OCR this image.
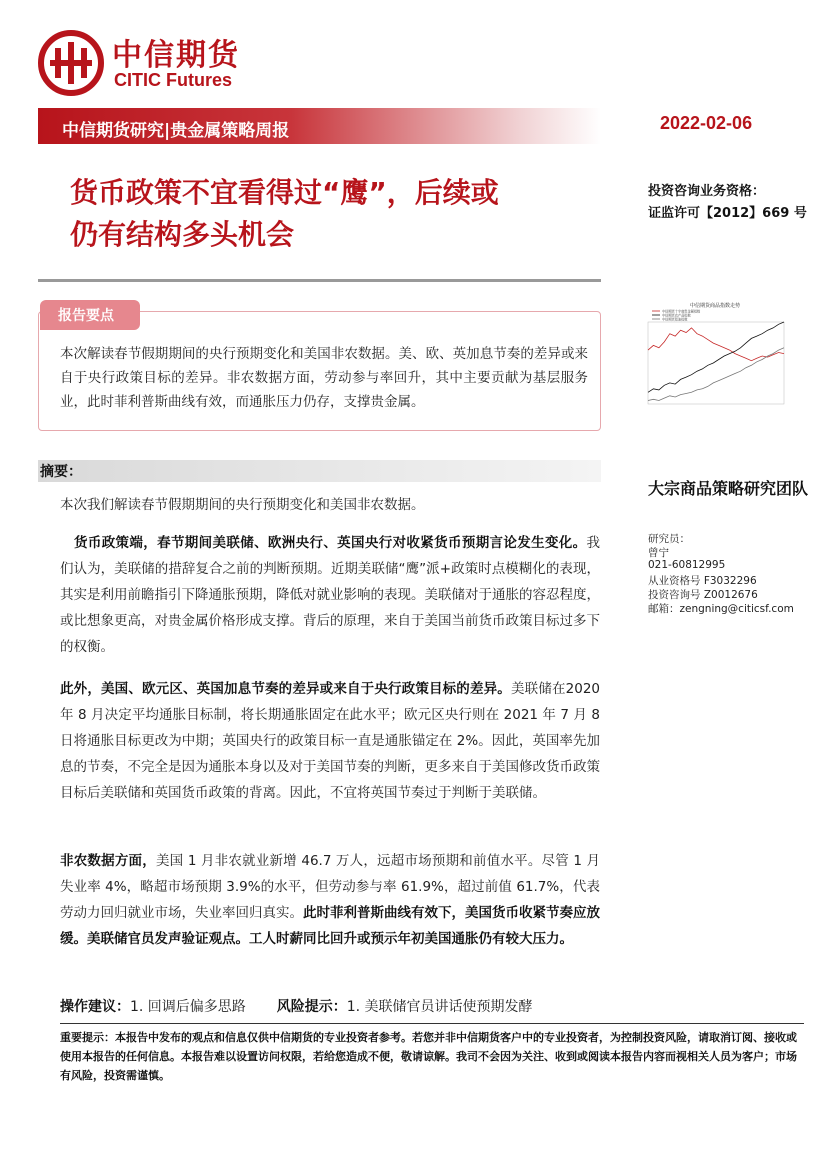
中信期货
CITIC Futures
中信期货研究|贵金属策略周报	2022-02-06
货币政策不宜看得过“鹰”，后续或
仍有结构多头机会
投资咨询业务资格：
证监许可【2012】669 号
报告要点
本次解读春节假期期间的央行预期变化和美国非农数据。美、欧、英加息节奏的差异或来自于央行政策目标的差异。非农数据方面，劳动参与率回升，其中主要贡献为基层服务业，此时菲利普斯曲线有效，而通胀压力仍存，支撑贵金属。
中信期货商品指数走势
中信期货十字南贵金属指数
中信期货农产品指数
中信期货原油指数
摘要：
本次我们解读春节假期期间的央行预期变化和美国非农数据。
货币政策端，春节期间美联储、欧洲央行、英国央行对收紧货币预期言论发生变化。我们认为，美联储的措辞复合之前的判断预期。近期美联储“鹰”派+政策时点模糊化的表现，其实是利用前瞻指引下降通胀预期，降低对就业影响的表现。美联储对于通胀的容忍程度，或比想象更高，对贵金属价格形成支撑。背后的原理，来自于美国当前货币政策目标过多下的权衡。
此外，美国、欧元区、英国加息节奏的差异或来自于央行政策目标的差异。美联储在2020 年 8 月决定平均通胀目标制，将长期通胀固定在此水平；欧元区央行则在 2021 年 7 月 8 日将通胀目标更改为中期；英国央行的政策目标一直是通胀锚定在 2%。因此，英国率先加息的节奏，不完全是因为通胀本身以及对于美国节奏的判断，更多来自于美国修改货币政策目标后美联储和英国货币政策的背离。因此，不宜将英国节奏过于判断于美联储。
非农数据方面，美国 1 月非农就业新增 46.7 万人，远超市场预期和前值水平。尽管 1 月失业率 4%，略超市场预期 3.9%的水平，但劳动参与率 61.9%，超过前值 61.7%，代表劳动力回归就业市场，失业率回归真实。此时菲利普斯曲线有效下，美国货币收紧节奏应放缓。美联储官员发声验证观点。工人时薪同比回升或预示年初美国通胀仍有较大压力。
操作建议：1. 回调后偏多思路 风险提示：1. 美联储官员讲话使预期发酵
大宗商品策略研究团队
研究员：
曾宁
021-60812995
从业资格号 F3032296
投资咨询号 Z0012676
邮箱：zengning@citicsf.com
重要提示：本报告中发布的观点和信息仅供中信期货的专业投资者参考。若您并非中信期货客户中的专业投资者，为控制投资风险，请取消订阅、接收或使用本报告的任何信息。本报告难以设置访问权限，若给您造成不便，敬请谅解。我司不会因为关注、收到或阅读本报告内容而视相关人员为客户；市场有风险，投资需谨慎。
